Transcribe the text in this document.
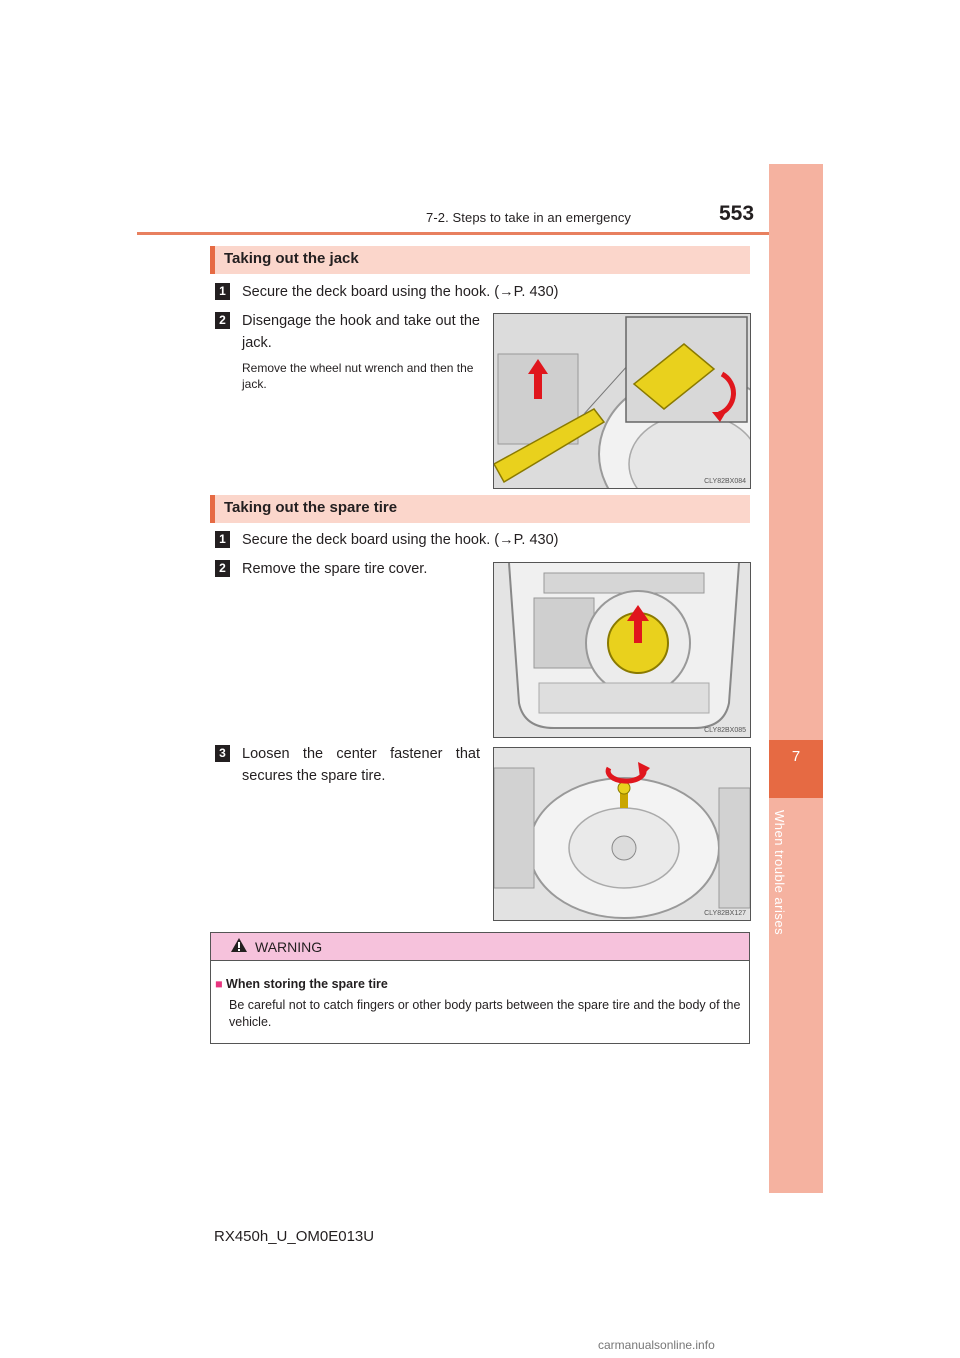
7-2. Steps to take in an emergency	553
7
When trouble arises
Taking out the jack
1 Secure the deck board using the hook. (→P. 430)
2 Disengage the hook and take out the jack.
Remove the wheel nut wrench and then the jack.
CLY82BX084
Taking out the spare tire
1 Secure the deck board using the hook. (→P. 430)
2 Remove the spare tire cover.
CLY82BX085
3 Loosen the center fastener that secures the spare tire.
CLY82BX127
WARNING
■ When storing the spare tire
Be careful not to catch fingers or other body parts between the spare tire and the body of the vehicle.
RX450h_U_OM0E013U
carmanualsonline.info
